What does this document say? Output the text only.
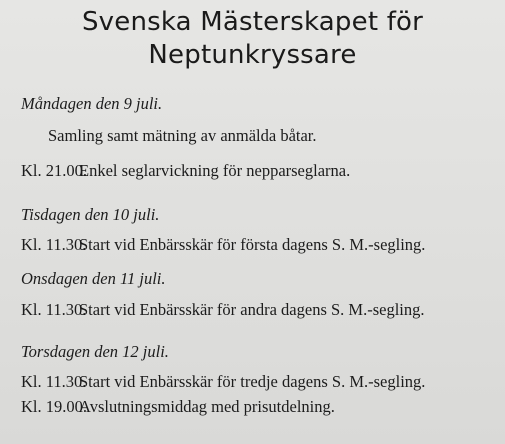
Svenska Mästerskapet för
Neptunkryssare

Måndagen den 9 juli.

Samling samt mätning av anmälda båtar.

Kl. 21.00.Enkel seglarvickning för nepparseglarna.

Tisdagen den 10 juli.

Kl. 11.30.Start vid Enbärsskär för första dagens S. M.-segling.

Onsdagen den 11 juli.

Kl. 11.30.Start vid Enbärsskär för andra dagens S. M.-segling.

Torsdagen den 12 juli.

Kl. 11.30.Start vid Enbärsskär för tredje dagens S. M.-segling.

Kl. 19.00.Avslutningsmiddag med prisutdelning.
